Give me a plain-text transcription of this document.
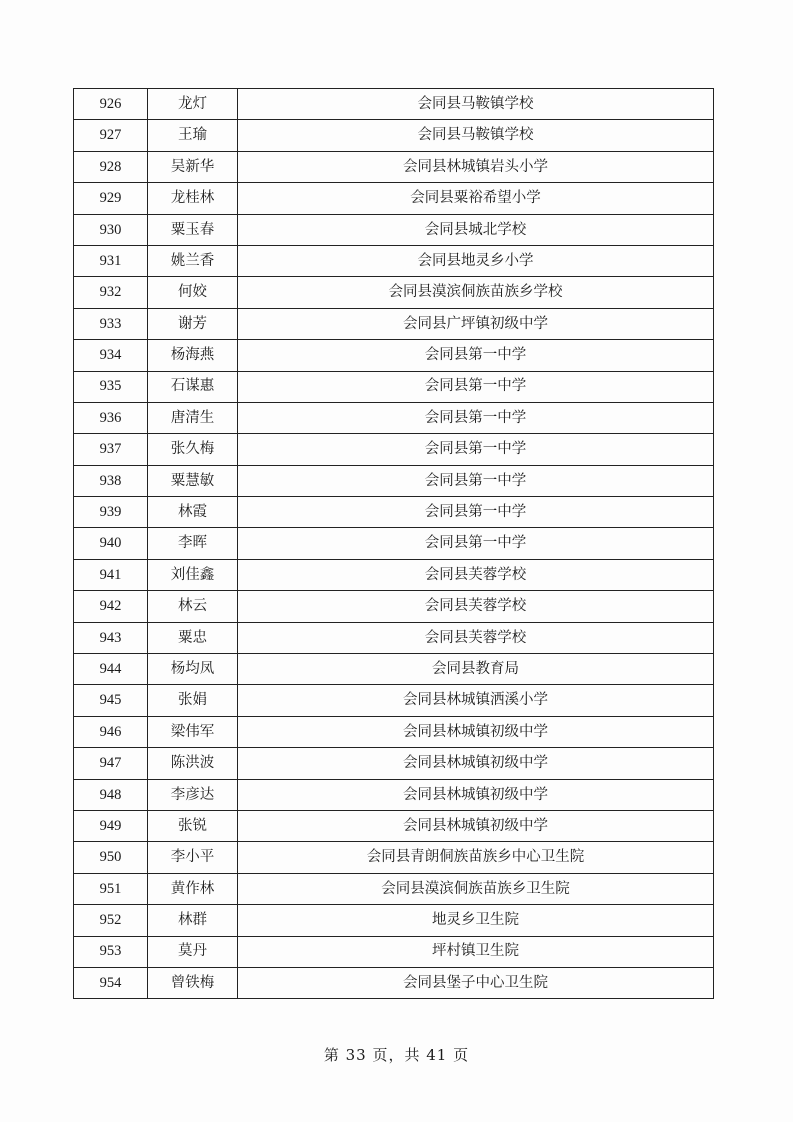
926	龙灯	会同县马鞍镇学校
927	王瑜	会同县马鞍镇学校
928	吴新华	会同县林城镇岩头小学
929	龙桂林	会同县粟裕希望小学
930	粟玉春	会同县城北学校
931	姚兰香	会同县地灵乡小学
932	何姣	会同县漠滨侗族苗族乡学校
933	谢芳	会同县广坪镇初级中学
934	杨海燕	会同县第一中学
935	石谋惠	会同县第一中学
936	唐清生	会同县第一中学
937	张久梅	会同县第一中学
938	粟慧敏	会同县第一中学
939	林霞	会同县第一中学
940	李晖	会同县第一中学
941	刘佳鑫	会同县芙蓉学校
942	林云	会同县芙蓉学校
943	粟忠	会同县芙蓉学校
944	杨均凤	会同县教育局
945	张娟	会同县林城镇洒溪小学
946	梁伟军	会同县林城镇初级中学
947	陈洪波	会同县林城镇初级中学
948	李彦达	会同县林城镇初级中学
949	张锐	会同县林城镇初级中学
950	李小平	会同县青朗侗族苗族乡中心卫生院
951	黄作林	会同县漠滨侗族苗族乡卫生院
952	林群	地灵乡卫生院
953	莫丹	坪村镇卫生院
954	曾铁梅	会同县堡子中心卫生院
第 33 页，共 41 页
